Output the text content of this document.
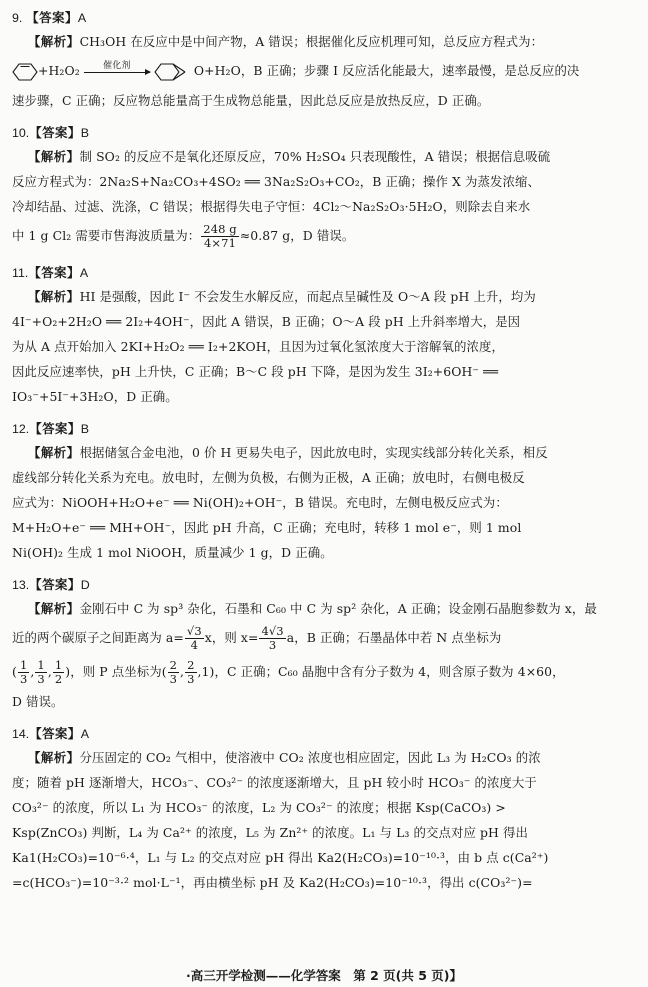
9. 【答案】A
【解析】CH₃OH 在反应中是中间产物，A 错误；根据催化反应机理可知，总反应方程式为：
+H₂O₂	催化剂	O+H₂O，B 正确；步骤 Ⅰ 反应活化能最大，速率最慢，是总反应的决
速步骤，C 正确；反应物总能量高于生成物总能量，因此总反应是放热反应，D 正确。
10.【答案】B
【解析】制 SO₂ 的反应不是氧化还原反应，70% H₂SO₄ 只表现酸性，A 错误；根据信息吸硫
反应方程式为：2Na₂S+Na₂CO₃+4SO₂ ══ 3Na₂S₂O₃+CO₂，B 正确；操作 X 为蒸发浓缩、
冷却结晶、过滤、洗涤，C 错误；根据得失电子守恒：4Cl₂～Na₂S₂O₃·5H₂O，则除去自来水
中 1 g Cl₂ 需要市售海波质量为： $\frac{248 g}{4\times 71} \approx 0.87$ g，D 错误。
11.【答案】A
【解析】HI 是强酸，因此 I⁻ 不会发生水解反应，而起点呈碱性及 O～A 段 pH 上升，均为
4I⁻+O₂+2H₂O ══ 2I₂+4OH⁻，因此 A 错误，B 正确；O～A 段 pH 上升斜率增大，是因
为从 A 点开始加入 2KI+H₂O₂ ══ I₂+2KOH，且因为过氧化氢浓度大于溶解氧的浓度，
因此反应速率快，pH 上升快，C 正确；B～C 段 pH 下降，是因为发生 3I₂+6OH⁻ ══
IO₃⁻+5I⁻+3H₂O，D 正确。
12.【答案】B
【解析】根据储氢合金电池，0 价 H 更易失电子，因此放电时，实现实线部分转化关系，相反
虚线部分转化关系为充电。放电时，左侧为负极，右侧为正极，A 正确；放电时，右侧电极反
应式为：NiOOH+H₂O+e⁻ ══ Ni(OH)₂+OH⁻，B 错误。充电时，左侧电极反应式为：
M+H₂O+e⁻ ══ MH+OH⁻，因此 pH 升高，C 正确；充电时，转移 1 mol e⁻，则 1 mol
Ni(OH)₂ 生成 1 mol NiOOH，质量减少 1 g，D 正确。
13.【答案】D
【解析】金刚石中 C 为 sp³ 杂化，石墨和 C₆₀ 中 C 为 sp² 杂化，A 正确；设金刚石晶胞参数为 x，最
近的两个碳原子之间距离为 $a= \frac{√3}{4}$ x，则 $x= \frac{4√3}{3}$ a，B 正确；石墨晶体中若 N 点坐标为
( $\frac{1}{3}$ , $\frac{1}{3}$ , $\frac{1}{2}$ )，则 P 点坐标为( $\frac{2}{3}$ , $\frac{2}{3} ,1$)，C 正确；C₆₀ 晶胞中含有分子数为 4，则含原子数为 4×60，
D 错误。
14.【答案】A
【解析】分压固定的 CO₂ 气相中，使溶液中 CO₂ 浓度也相应固定，因此 L₃ 为 H₂CO₃ 的浓
度；随着 pH 逐渐增大，HCO₃⁻、CO₃²⁻ 的浓度逐渐增大，且 pH 较小时 HCO₃⁻ 的浓度大于
CO₃²⁻ 的浓度，所以 L₁ 为 HCO₃⁻ 的浓度，L₂ 为 CO₃²⁻ 的浓度；根据 Ksp(CaCO₃) >
Ksp(ZnCO₃) 判断，L₄ 为 Ca²⁺ 的浓度，L₅ 为 Zn²⁺ 的浓度。L₁ 与 L₃ 的交点对应 pH 得出
Ka1(H₂CO₃)=10⁻⁶·⁴，L₁ 与 L₂ 的交点对应 pH 得出 Ka2(H₂CO₃)=10⁻¹⁰·³，由 b 点 c(Ca²⁺)
=c(HCO₃⁻)=10⁻³·² mol·L⁻¹，再由横坐标 pH 及 Ka2(H₂CO₃)=10⁻¹⁰·³，得出 c(CO₃²⁻)=
·高三开学检测——化学答案　第 2 页(共 5 页)】
